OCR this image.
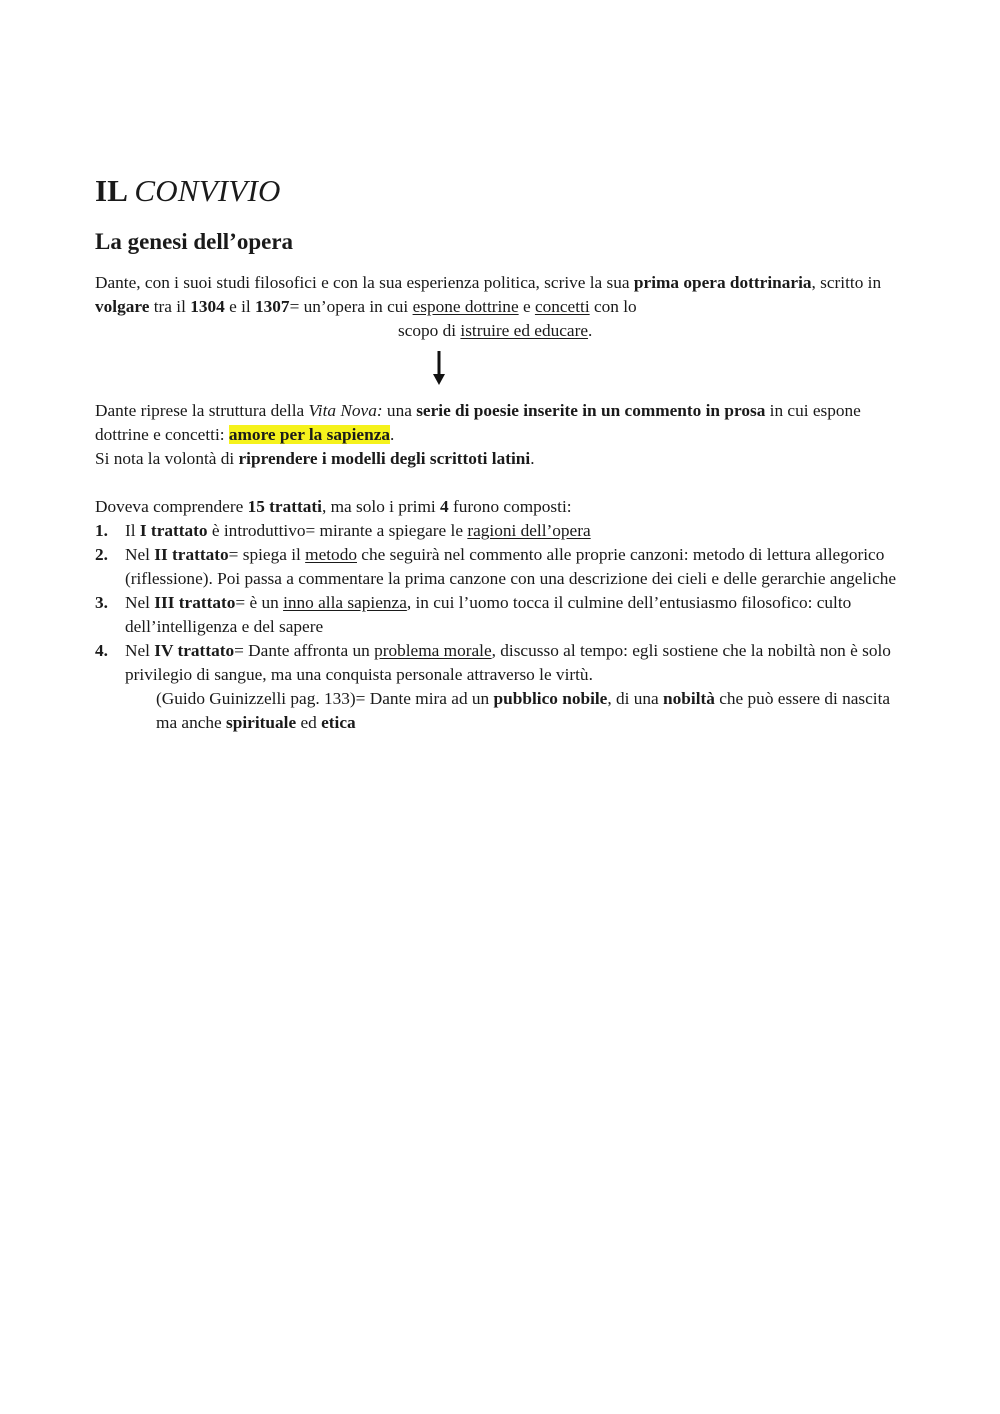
IL CONVIVIO
La genesi dell’opera

Dante, con i suoi studi filosofici e con la sua esperienza politica, scrive la sua prima opera dottrinaria, scritto in volgare tra il 1304 e il 1307= un’opera in cui espone dottrine e concetti con lo

scopo di istruire ed educare.

Dante riprese la struttura della Vita Nova: una serie di poesie inserite in un commento in prosa in cui espone dottrine e concetti: amore per la sapienza.

Si nota la volontà di riprendere i modelli degli scrittoti latini.

Doveva comprendere 15 trattati, ma solo i primi 4 furono composti:

1. Il I trattato è introduttivo= mirante a spiegare le ragioni dell’opera
2. Nel II trattato= spiega il metodo che seguirà nel commento alle proprie canzoni: metodo di lettura allegorico (riflessione). Poi passa a commentare la prima canzone con una descrizione dei cieli e delle gerarchie angeliche
3. Nel III trattato= è un inno alla sapienza, in cui l’uomo tocca il culmine dell’entusiasmo filosofico: culto dell’intelligenza e del sapere
4. Nel IV trattato= Dante affronta un problema morale, discusso al tempo: egli sostiene che la nobiltà non è solo privilegio di sangue, ma una conquista personale attraverso le virtù.

(Guido Guinizzelli pag. 133)= Dante mira ad un pubblico nobile, di una nobiltà che può essere di nascita ma anche spirituale ed etica
